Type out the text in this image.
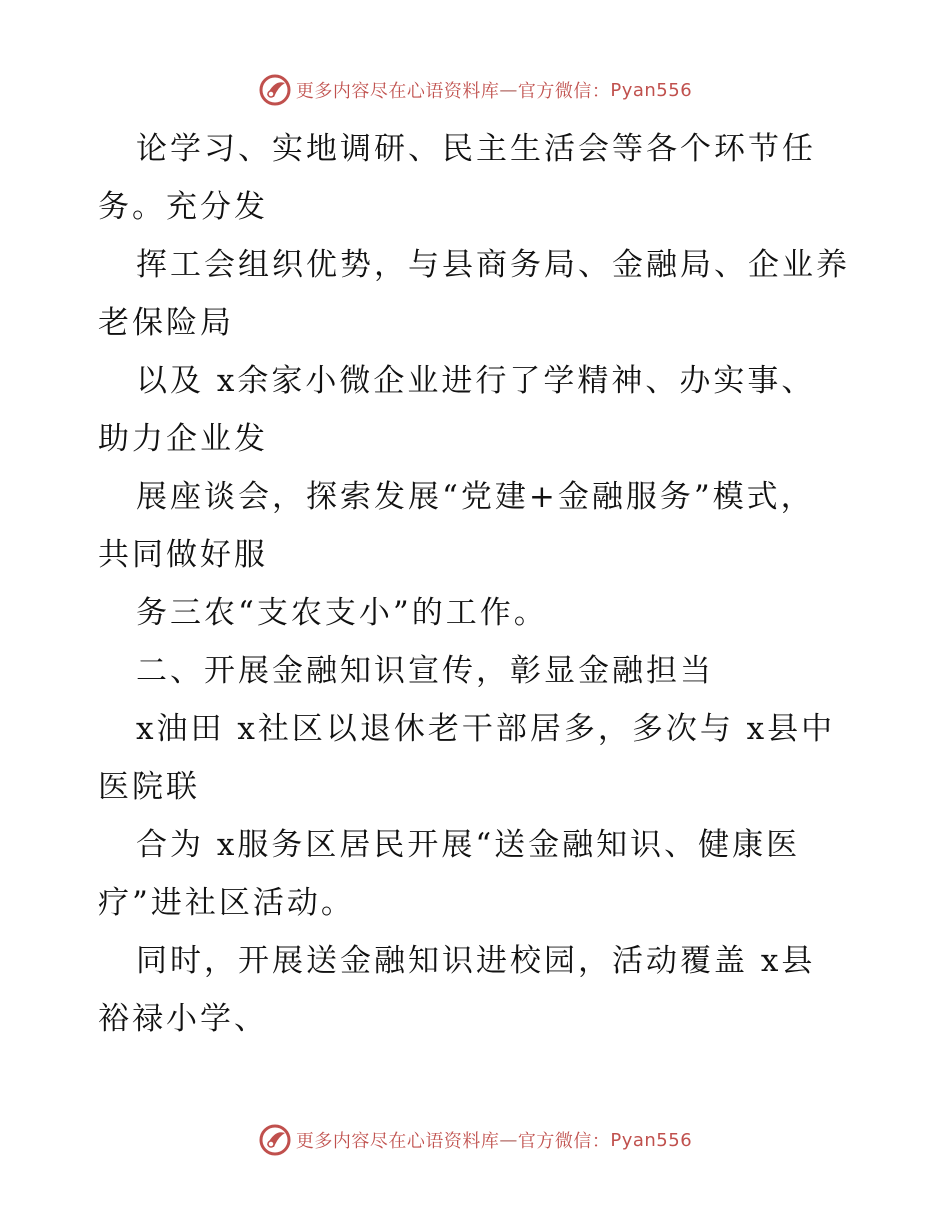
更多内容尽在心语资料库 — 官方微信： Pyan556

论学习、实地调研、民主生活会等各个环节任

务。充分发

挥工会组织优势，与县商务局、金融局、企业养

老保险局

以及 x余家小微企业进行了学精神、办实事、

助力企业发

展座谈会，探索发展“党建+金融服务”模式，

共同做好服

务三农“支农支小”的工作。

二、开展金融知识宣传，彰显金融担当

x油田 x社区以退休老干部居多，多次与 x县中

医院联

合为 x服务区居民开展“送金融知识、健康医

疗”进社区活动。

同时，开展送金融知识进校园，活动覆盖 x县

裕禄小学、

更多内容尽在心语资料库 — 官方微信： Pyan556
